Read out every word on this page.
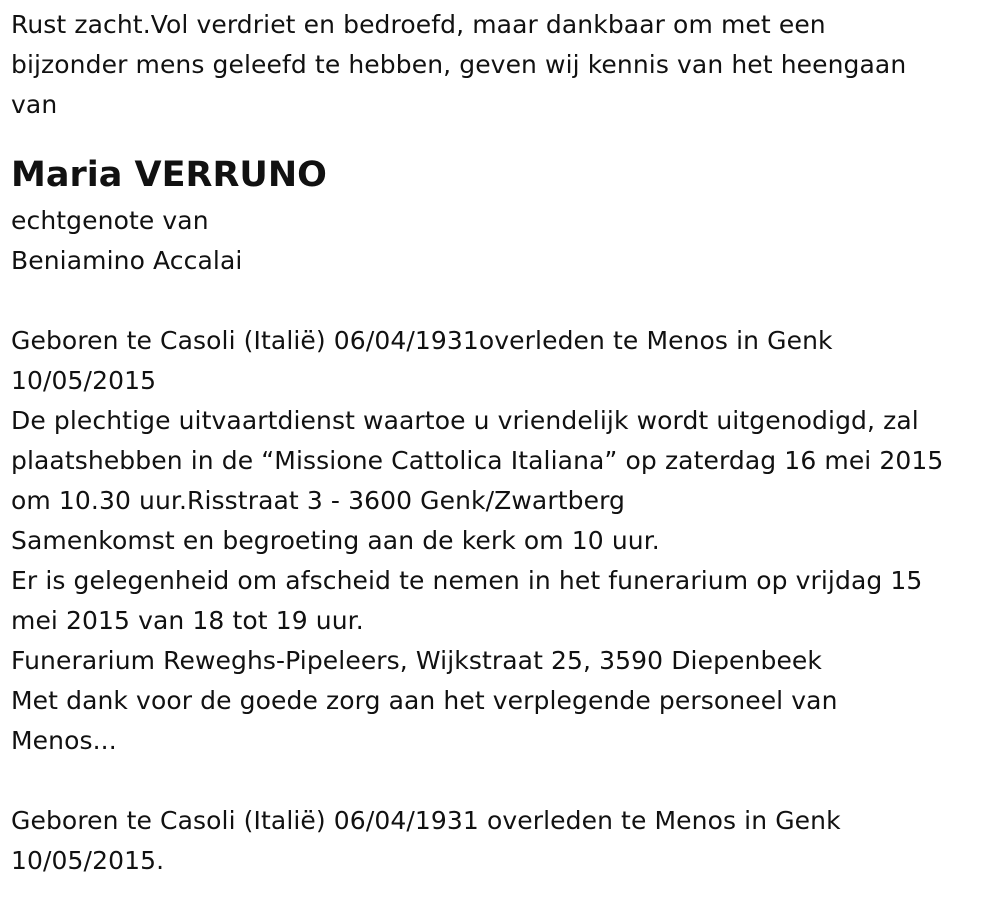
Rust zacht.Vol verdriet en bedroefd, maar dankbaar om met een
bijzonder mens geleefd te hebben, geven wij kennis van het heengaan
van
Maria VERRUNO
echtgenote van
Beniamino Accalai
Geboren te Casoli (Italië) 06/04/1931overleden te Menos in Genk
10/05/2015
De plechtige uitvaartdienst waartoe u vriendelijk wordt uitgenodigd, zal
plaatshebben in de “Missione Cattolica Italiana” op zaterdag 16 mei 2015
om 10.30 uur.Risstraat 3 - 3600 Genk/Zwartberg
Samenkomst en begroeting aan de kerk om 10 uur.
Er is gelegenheid om afscheid te nemen in het funerarium op vrijdag 15
mei 2015 van 18 tot 19 uur.
Funerarium Reweghs-Pipeleers, Wijkstraat 25, 3590 Diepenbeek
Met dank voor de goede zorg aan het verplegende personeel van
Menos...
Geboren te Casoli (Italië) 06/04/1931 overleden te Menos in Genk
10/05/2015.
